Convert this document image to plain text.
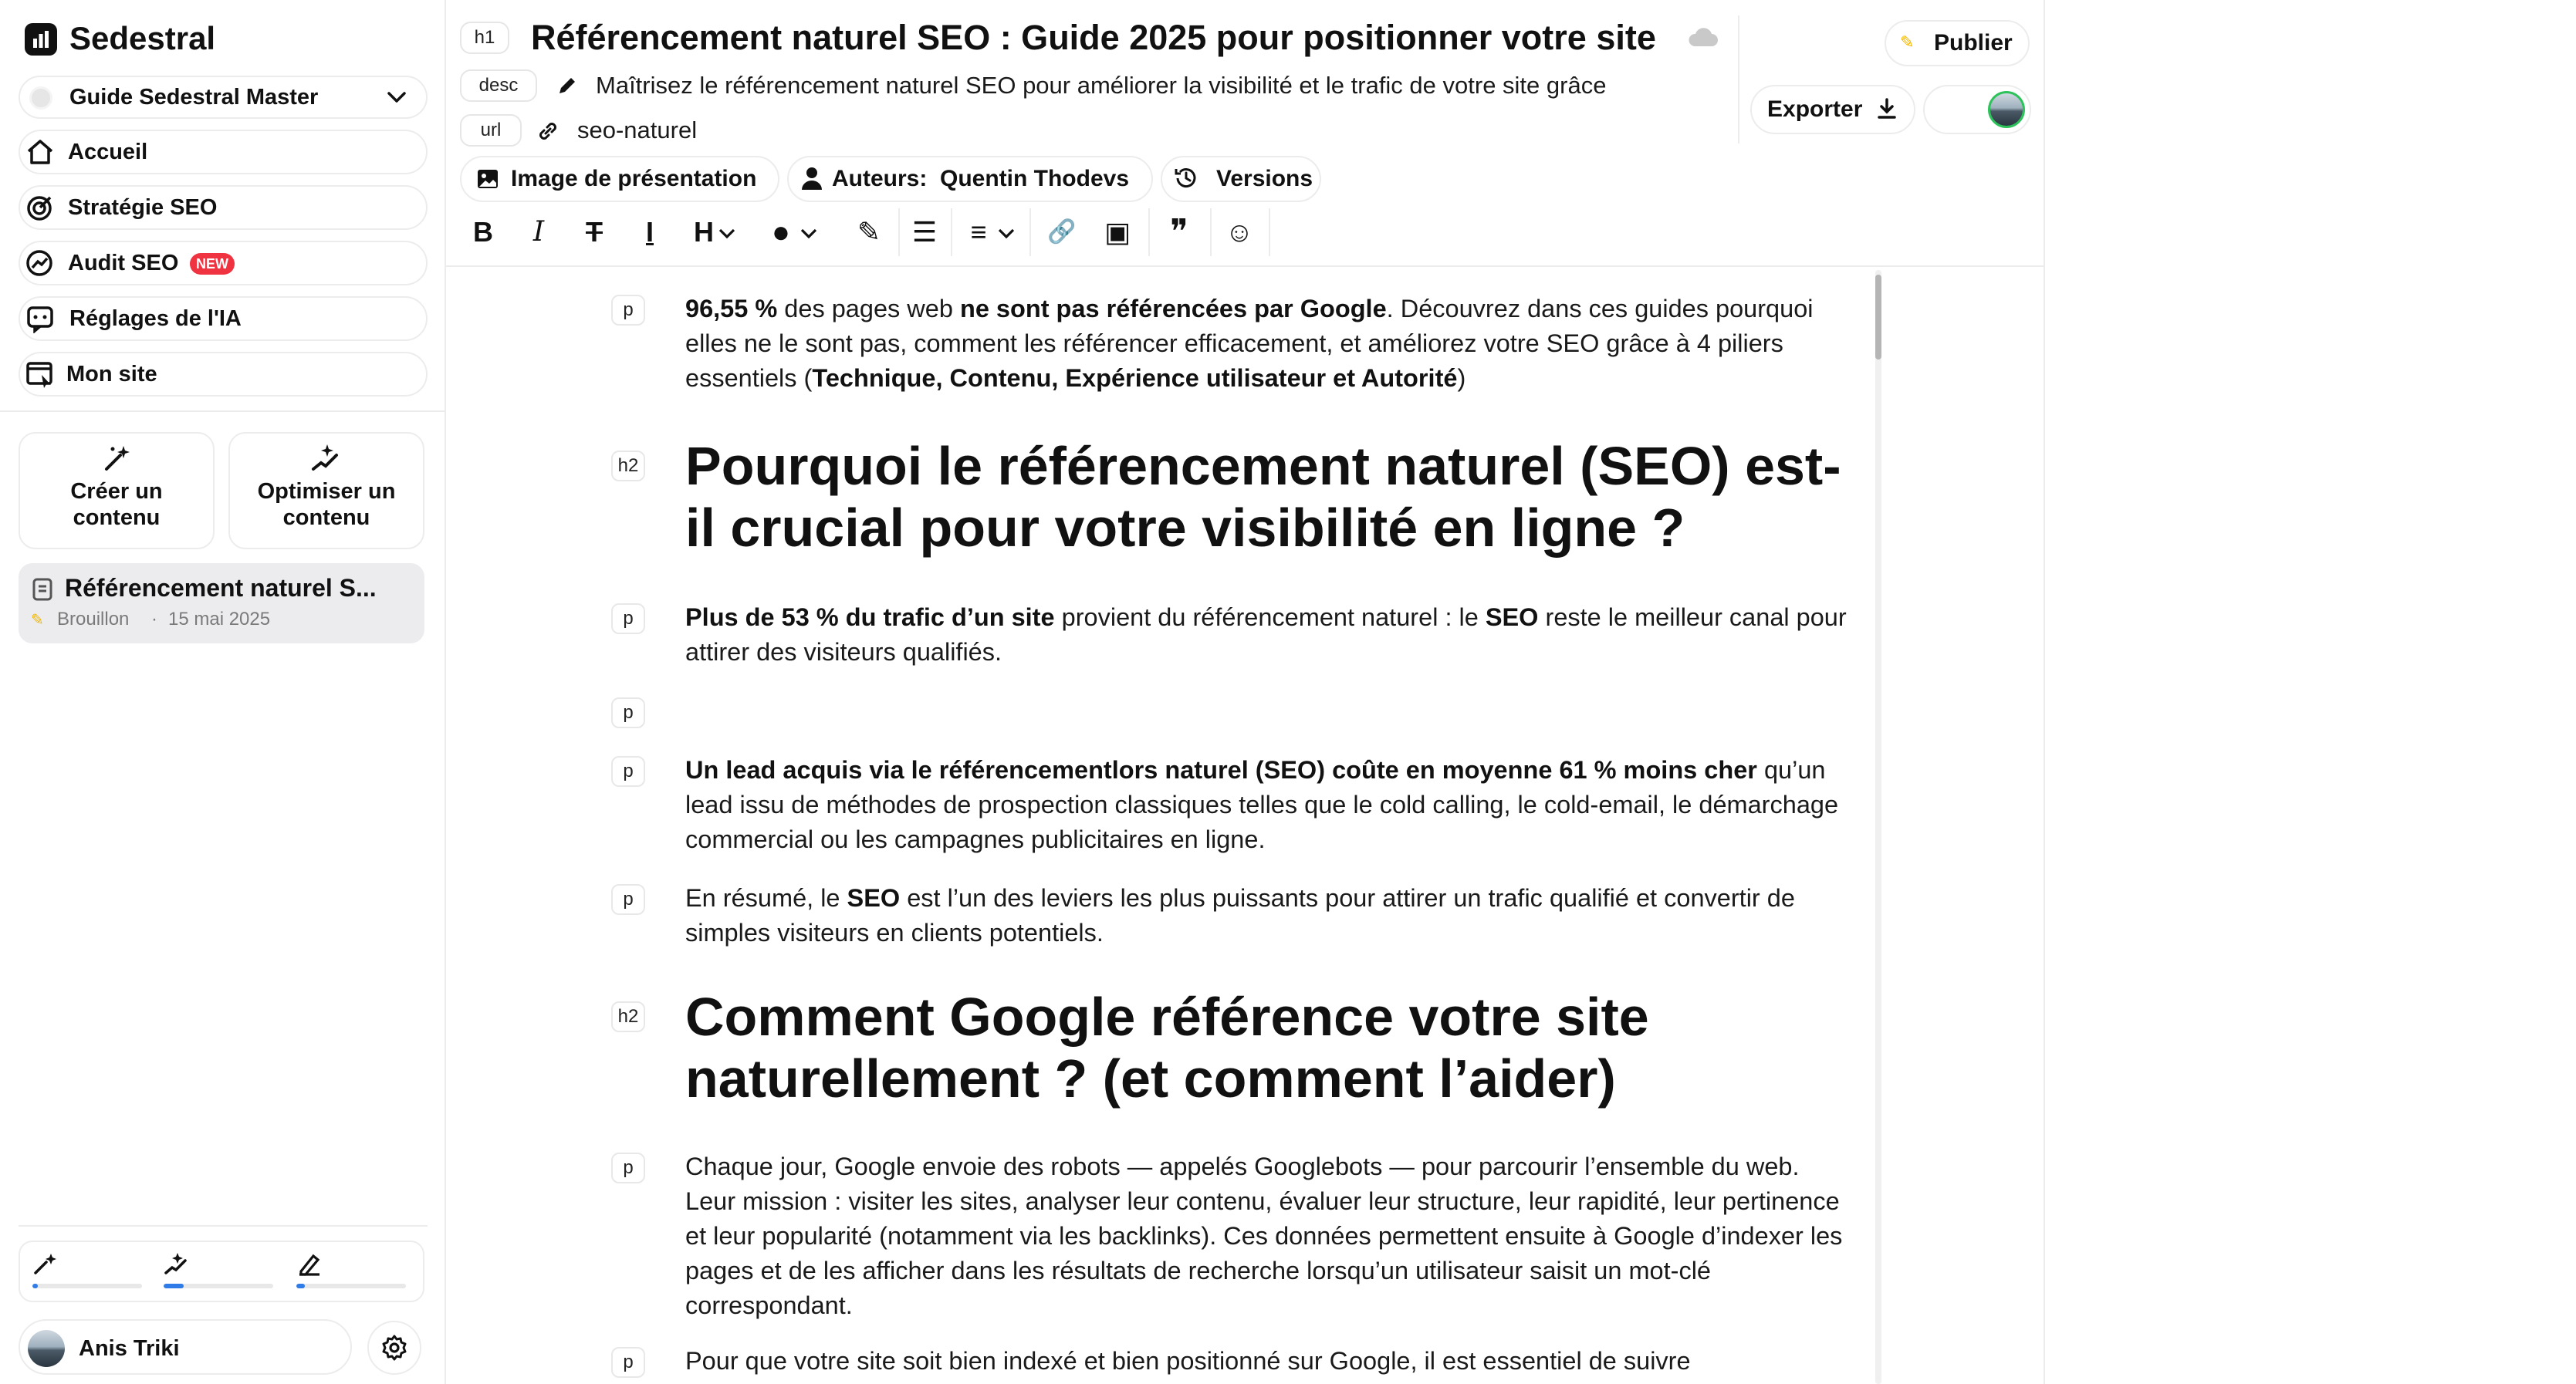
Sedestral
Guide Sedestral Master
Accueil
Stratégie SEO
Audit SEO	NEW
Réglages de l'IA
Mon site
Créer un contenu
Optimiser un contenu
Référencement naturel S...
✎ Brouillon · 15 mai 2025
Anis Triki
h1	Référencement naturel SEO : Guide 2025 pour positionner votre site
desc	Maîtrisez le référencement naturel SEO pour améliorer la visibilité et le trafic de votre site grâce
url	seo-naturel
✎ Publier
Exporter
Image de présentation	Auteurs: Quentin Thodevs	Versions
B	I	T	I	H ● ✎ ☰ ≡	🔗 ▣ ❞ ☺
p	96,55 % des pages web ne sont pas référencées par Google. Découvrez dans ces guides pourquoi elles ne le sont pas, comment les référencer efficacement, et améliorez votre SEO grâce à 4 piliers essentiels (Technique, Contenu, Expérience utilisateur et Autorité)
h2 Pourquoi le référencement naturel (SEO) est-il crucial pour votre visibilité en ligne ?
p	Plus de 53 % du trafic d’un site provient du référencement naturel : le SEO reste le meilleur canal pour attirer des visiteurs qualifiés.
p
p	Un lead acquis via le référencementlors naturel (SEO) coûte en moyenne 61 % moins cher qu’un lead issu de méthodes de prospection classiques telles que le cold calling, le cold-email, le démarchage commercial ou les campagnes publicitaires en ligne.
p	En résumé, le SEO est l’un des leviers les plus puissants pour attirer un trafic qualifié et convertir de simples visiteurs en clients potentiels.
h2 Comment Google référence votre site naturellement ? (et comment l’aider)
p	Chaque jour, Google envoie des robots — appelés Googlebots — pour parcourir l’ensemble du web. Leur mission : visiter les sites, analyser leur contenu, évaluer leur structure, leur rapidité, leur pertinence et leur popularité (notamment via les backlinks). Ces données permettent ensuite à Google d’indexer les pages et de les afficher dans les résultats de recherche lorsqu’un utilisateur saisit un mot-clé correspondant.
p	Pour que votre site soit bien indexé et bien positionné sur Google, il est essentiel de suivre
